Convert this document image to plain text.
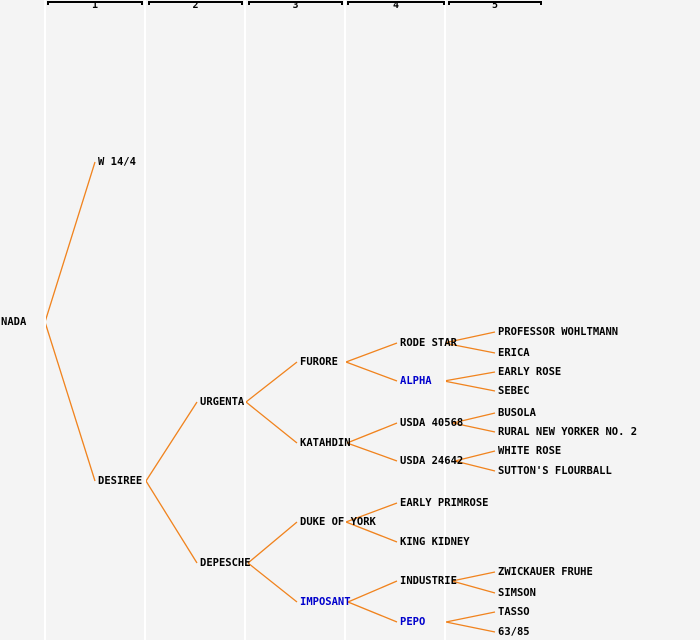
1	2	3	4	5
NADA
W 14/4
DESIREE
URGENTA
DEPESCHE
FURORE
KATAHDIN
DUKE OF YORK
IMPOSANT
RODE STAR
ALPHA
USDA 40568
USDA 24642
EARLY PRIMROSE
KING KIDNEY
INDUSTRIE
PEPO
PROFESSOR WOHLTMANN
ERICA
EARLY ROSE
SEBEC
BUSOLA
RURAL NEW YORKER NO. 2
WHITE ROSE
SUTTON'S FLOURBALL
ZWICKAUER FRUHE
SIMSON
TASSO
63/85
